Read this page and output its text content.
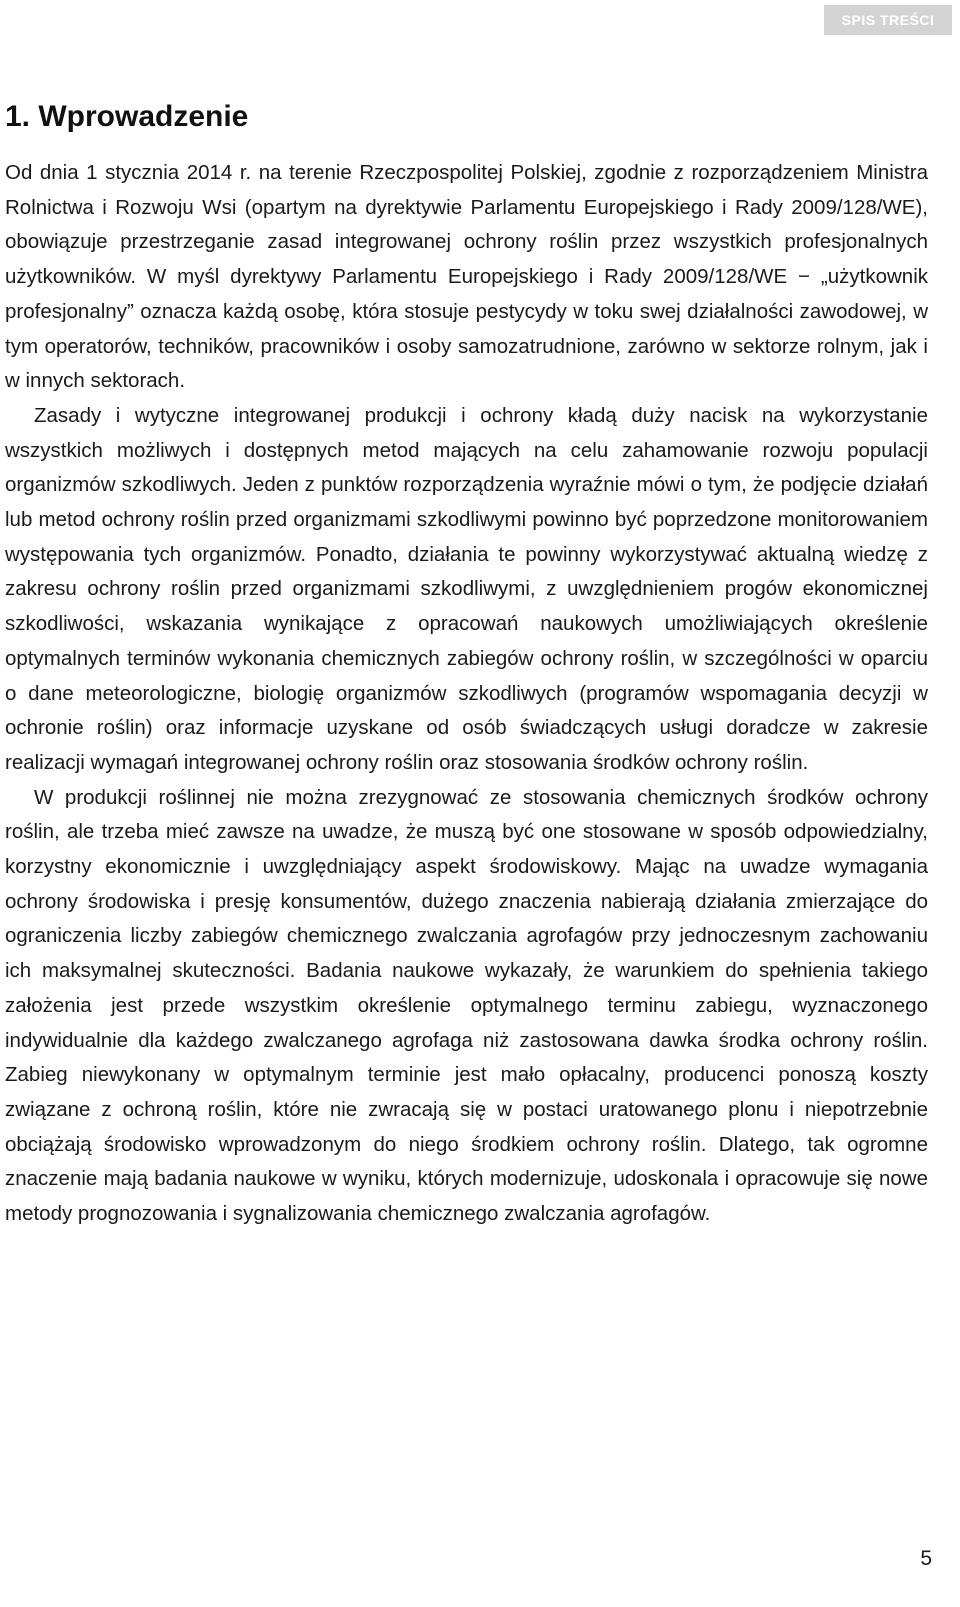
SPIS TREŚCI
1. Wprowadzenie

Od dnia 1 stycznia 2014 r. na terenie Rzeczpospolitej Polskiej, zgodnie z rozporządzeniem Ministra Rolnictwa i Rozwoju Wsi (opartym na dyrektywie Parlamentu Europejskiego i Rady 2009/128/WE), obowiązuje przestrzeganie zasad integrowanej ochrony roślin przez wszystkich profesjonalnych użytkowników. W myśl dyrektywy Parlamentu Europejskiego i Rady 2009/128/WE − „użytkownik profesjonalny” oznacza każdą osobę, która stosuje pestycydy w toku swej działalności zawodowej, w tym operatorów, techników, pracowników i osoby samozatrudnione, zarówno w sektorze rolnym, jak i w innych sektorach.

Zasady i wytyczne integrowanej produkcji i ochrony kładą duży nacisk na wykorzystanie wszystkich możliwych i dostępnych metod mających na celu zahamowanie rozwoju populacji organizmów szkodliwych. Jeden z punktów rozporządzenia wyraźnie mówi o tym, że podjęcie działań lub metod ochrony roślin przed organizmami szkodliwymi powinno być poprzedzone monitorowaniem występowania tych organizmów. Ponadto, działania te powinny wykorzystywać aktualną wiedzę z zakresu ochrony roślin przed organizmami szkodliwymi, z uwzględnieniem progów ekonomicznej szkodliwości, wskazania wynikające z opracowań naukowych umożliwiających określenie optymalnych terminów wykonania chemicznych zabiegów ochrony roślin, w szczególności w oparciu o dane meteorologiczne, biologię organizmów szkodliwych (programów wspomagania decyzji w ochronie roślin) oraz informacje uzyskane od osób świadczących usługi doradcze w zakresie realizacji wymagań integrowanej ochrony roślin oraz stosowania środków ochrony roślin.

W produkcji roślinnej nie można zrezygnować ze stosowania chemicznych środków ochrony roślin, ale trzeba mieć zawsze na uwadze, że muszą być one stosowane w sposób odpowiedzialny, korzystny ekonomicznie i uwzględniający aspekt środowiskowy. Mając na uwadze wymagania ochrony środowiska i presję konsumentów, dużego znaczenia nabierają działania zmierzające do ograniczenia liczby zabiegów chemicznego zwalczania agrofagów przy jednoczesnym zachowaniu ich maksymalnej skuteczności. Badania naukowe wykazały, że warunkiem do spełnienia takiego założenia jest przede wszystkim określenie optymalnego terminu zabiegu, wyznaczonego indywidualnie dla każdego zwalczanego agrofaga niż zastosowana dawka środka ochrony roślin. Zabieg niewykonany w optymalnym terminie jest mało opłacalny, producenci ponoszą koszty związane z ochroną roślin, które nie zwracają się w postaci uratowanego plonu i niepotrzebnie obciążają środowisko wprowadzonym do niego środkiem ochrony roślin. Dlatego, tak ogromne znaczenie mają badania naukowe w wyniku, których modernizuje, udoskonala i opracowuje się nowe metody prognozowania i sygnalizowania chemicznego zwalczania agrofagów.

5
